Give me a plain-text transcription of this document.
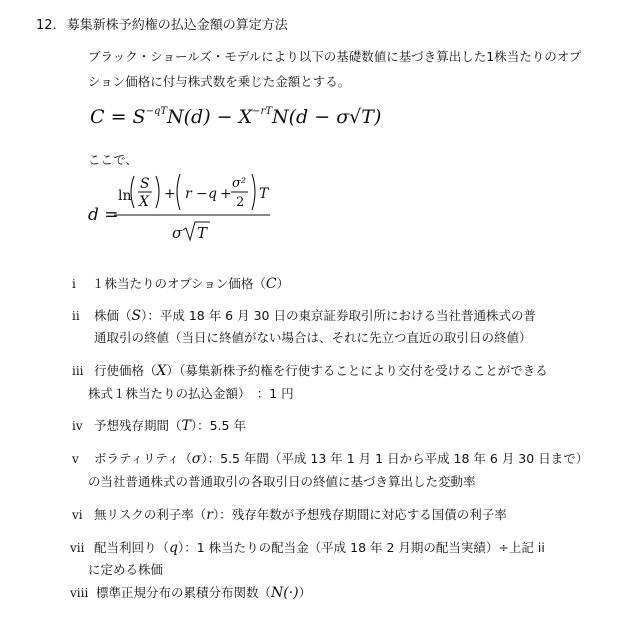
12. 募集新株予約権の払込金額の算定方法
ブラック・ショールズ・モデルにより以下の基礎数値に基づき算出した1株当たりのオプ
ション価格に付与株式数を乗じた金額とする。
$C = S^{-qT}N(d) - X^{-rT}N(d - \sigma√T)$
ここで、
d =
ln
S
X + r − q +
σ²
2
T
σ T
i １株当たりのオプション価格（C）
ii 株価（S）：平成 18 年 6 月 30 日の東京証券取引所における当社普通株式の普
通取引の終値（当日に終値がない場合は、それに先立つ直近の取引日の終値）
iii 行使価格（X）（募集新株予約権を行使することにより交付を受けることができる
株式１株当たりの払込金額）　：1 円
iv 予想残存期間（T）：5.5 年
v ボラティリティ（σ）：5.5 年間（平成 13 年 1 月 1 日から平成 18 年 6 月 30 日まで）
の当社普通株式の普通取引の各取引日の終値に基づき算出した変動率
vi 無リスクの利子率（r）：残存年数が予想残存期間に対応する国債の利子率
vii 配当利回り（q）：1 株当たりの配当金（平成 18 年 2 月期の配当実績）÷上記 ii
に定める株価
viii 標準正規分布の累積分布関数（N(·)）
